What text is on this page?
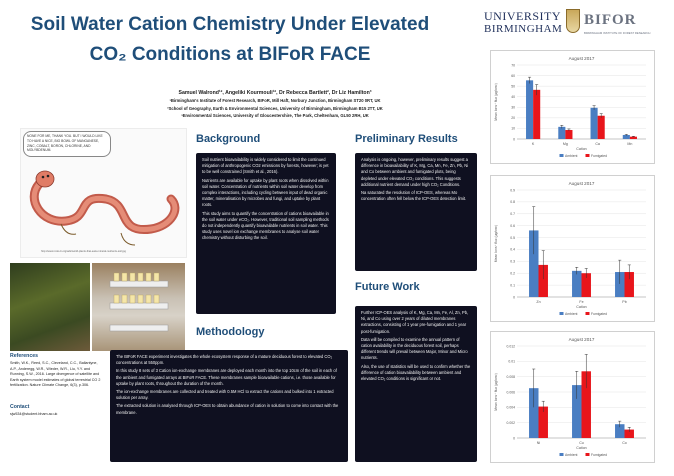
Soil Water Cation Chemistry Under Elevated
CO₂ Conditions at BIFoR FACE
Samuel Walrond¹², Angeliki Kourmouli¹², Dr Rebecca Bartlett², Dr Liz Hamilton³
¹Birmingham's Institute of Forest Research, BIFoR, Mill Haft, Norbury Junction, Birmingham ST20 0RT, UK
²School of Geography, Earth & Environmental Sciences, University of Birmingham, Birmingham B15 2TT, UK
³Environmental Sciences, University of Gloucestershire, The Park, Cheltenham, GL50 2RH, UK
UNIVERSITY
BIRMINGHAM
BIFOR
BIRMINGHAM INSTITUTE OF FOREST RESEARCH
NONE FOR ME, THANK YOU. BUT I WOULD LIKE TO HAVE A NICE, BIG BOWL OF MANGANESE, ZINC, COBALT, BORON, CHLORINE, AND MOLYBDENUM.
http://www.roots-b.org/ads/world-plants-that-eats-mineral-nutrients-soil.jpg
References
Smith, W.K., Reed, S.C., Cleveland, C.C., Ballantyne, A.P., Anderegg, W.R., Wieder, W.R., Liu, Y.Y. and Running, S.W., 2016. Large divergence of satellite and Earth system model estimates of global terrestrial CO 2 fertilization. Nature Climate Change, 6(3), p.306.
Contact
sjw534@student.bham.ac.uk
Background

Soil nutrient bioavailability is widely considered to limit the continued mitigation of anthropogenic CO2 emissions by forests, however; is yet to be well constrained (Smith et al., 2016).

Nutrients are available for uptake by plant roots when dissolved within soil water. Concentration of nutrients within soil water develop from complex interactions, including cycling between input of dead organic matter, mineralisation by microbes and fungi, and uptake by plant roots.

This study aims to quantify the concentration of cations bioavailable in the soil water under eCO₂. However, traditional soil sampling methods do not independently quantify bioavailable nutrients in soil water. This study uses novel ion exchange membranes to analyse soil water chemistry without disturbing the soil.

Preliminary Results

Analysis is ongoing, however, preliminary results suggest a difference in bioavailability of K, Mg, Ca, Mn, Fe, Zn, Pb, Ni and Co between ambient and fumigated plots, being depleted under elevated CO₂ conditions. This suggests additional nutrient demand under high CO₂ Conditions.

Na saturated the resolution of ICP-OES, whereas Mo concentration often fell below the ICP-OES detection limit.

Future Work

Further ICP-OES analysis of K, Mg, Ca, Mn, Fe, Al, Zn, Pb, Ni, and Co using over 2 years of diluted membranes extractions, consisting of 1 year pre-fumigation and 1 year post-fumigation.

Data will be compiled to examine the annual pattern of cation availability in the deciduous forest soil, perhaps different trends will prevail between Major, Minor and Micro nutrients.

Also, the use of statistics will be used to confirm whether the difference of cation bioavailability between ambient and elevated CO₂ conditions is significant or not.

Methodology

The BIFoR FACE experiment investigates the whole ecosystem response of a mature deciduous forest to elevated CO₂ concentrations at 550ppm.

In this study 8 sets of 3 Cation ion-exchange membranes are deployed each month into the top 10cm of the soil in each of the ambient and fumigated arrays at BIFoR FACE. These membranes sample bioavailable cations, i.e. those available for uptake by plant roots, throughout the duration of the month.

The ion-exchange membranes are collected and treated with 0.5M HCl to extract the cations and bulked into 1 extracted solution per array.

The extracted solution is analysed through ICP-OES to obtain abundance of cation in solution to come into contact with the membrane.

August 2017
0
10
20
30
40
50
60
70
K	Mg	Ca	Mn
Cation
Mean Ions⁺ flux (μg/cm²)
Ambient	Fumigated
August 2017
0
0.1
0.2
0.3
0.4
0.5
0.6
0.7
0.8
0.9
Zn	Fe	Pb
Cation
Mean Ions⁺ flux (μg/cm²)
Ambient	Fumigated
August 2017
0
0.002
0.004
0.006
0.008
0.01
0.012
Ni	Cu	Co
Cation
Mean Ions⁺ flux (μg/cm²)
Ambient	Fumigated
